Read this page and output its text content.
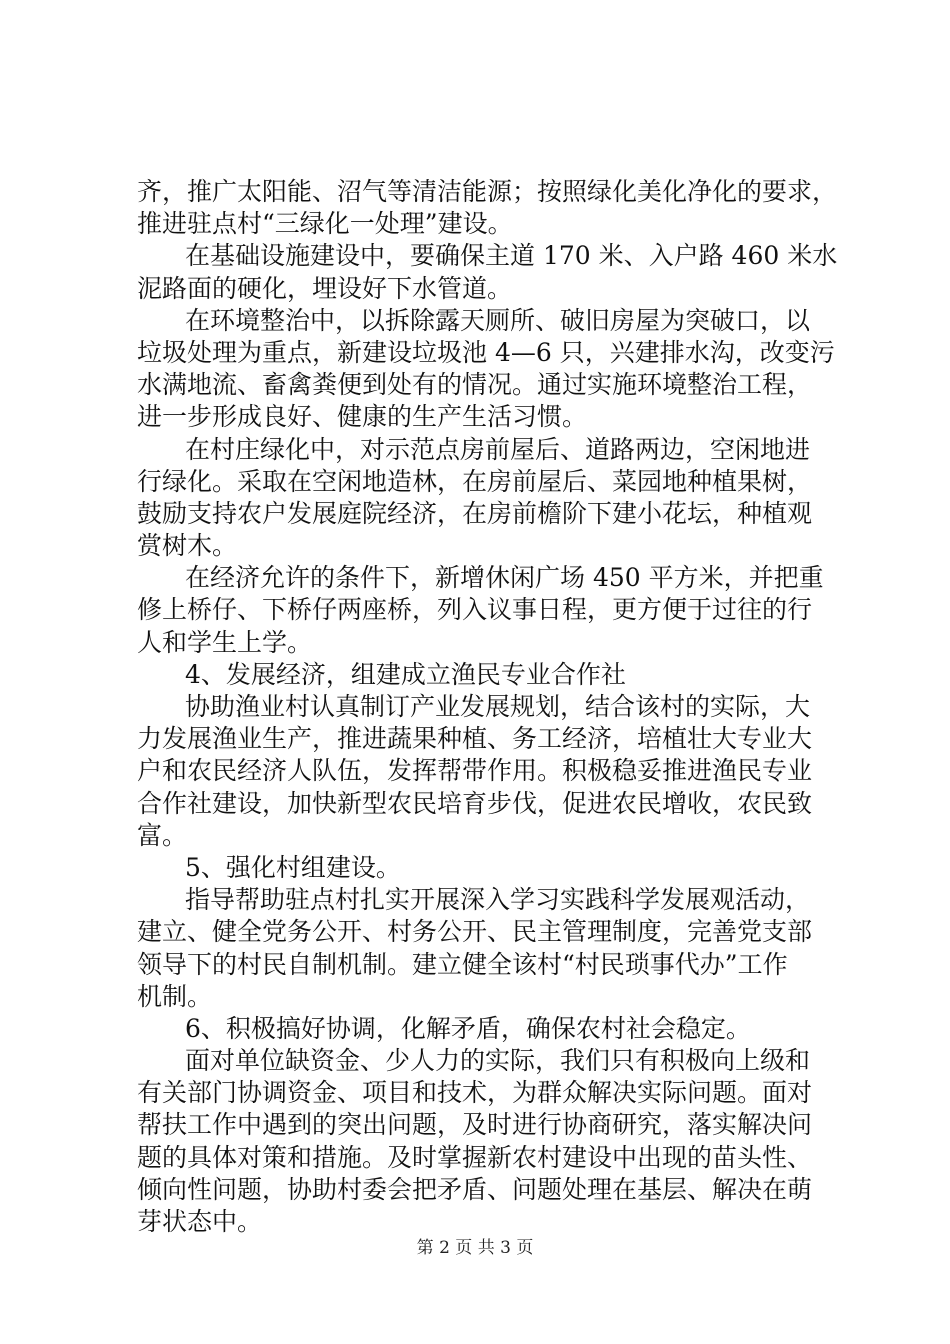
齐，推广太阳能、沼气等清洁能源；按照绿化美化净化的要求，
推进驻点村“三绿化一处理”建设。
在基础设施建设中，要确保主道 170 米、入户路 460 米水
泥路面的硬化，埋设好下水管道。
在环境整治中，以拆除露天厕所、破旧房屋为突破口，以
垃圾处理为重点，新建设垃圾池 4—6 只，兴建排水沟，改变污
水满地流、畜禽粪便到处有的情况。通过实施环境整治工程，
进一步形成良好、健康的生产生活习惯。
在村庄绿化中，对示范点房前屋后、道路两边，空闲地进
行绿化。采取在空闲地造林，在房前屋后、菜园地种植果树，
鼓励支持农户发展庭院经济，在房前檐阶下建小花坛，种植观
赏树木。
在经济允许的条件下，新增休闲广场 450 平方米，并把重
修上桥仔、下桥仔两座桥，列入议事日程，更方便于过往的行
人和学生上学。
4、发展经济，组建成立渔民专业合作社
协助渔业村认真制订产业发展规划，结合该村的实际，大
力发展渔业生产，推进蔬果种植、务工经济，培植壮大专业大
户和农民经济人队伍，发挥帮带作用。积极稳妥推进渔民专业
合作社建设，加快新型农民培育步伐，促进农民增收，农民致
富。
5、强化村组建设。
指导帮助驻点村扎实开展深入学习实践科学发展观活动，
建立、健全党务公开、村务公开、民主管理制度，完善党支部
领导下的村民自制机制。建立健全该村“村民琐事代办”工作
机制。
6、积极搞好协调，化解矛盾，确保农村社会稳定。
面对单位缺资金、少人力的实际，我们只有积极向上级和
有关部门协调资金、项目和技术，为群众解决实际问题。面对
帮扶工作中遇到的突出问题，及时进行协商研究，落实解决问
题的具体对策和措施。及时掌握新农村建设中出现的苗头性、
倾向性问题，协助村委会把矛盾、问题处理在基层、解决在萌
芽状态中。
第 2 页 共 3 页
